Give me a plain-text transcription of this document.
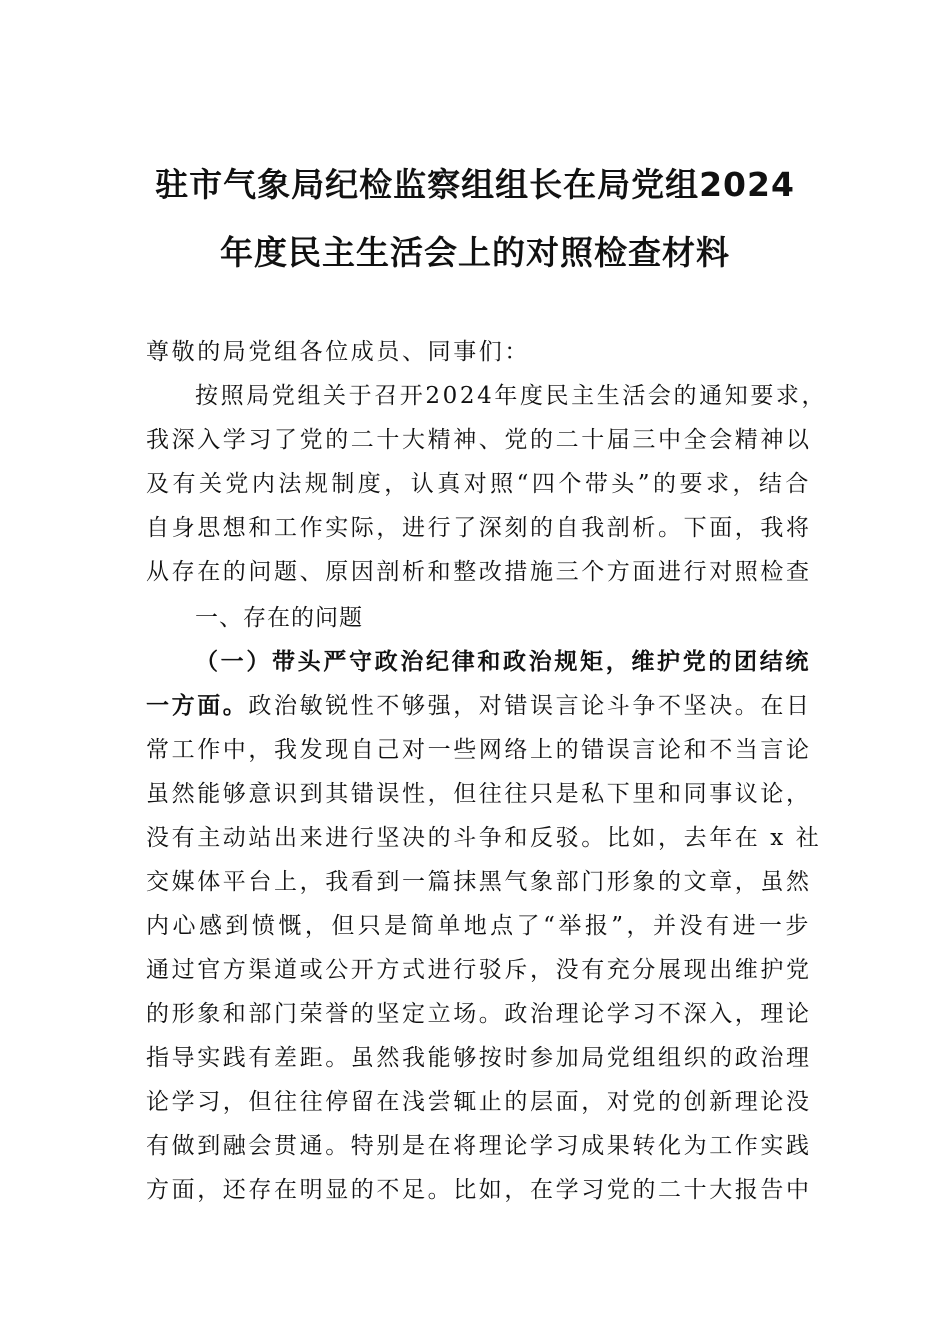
驻市气象局纪检监察组组长在局党组2024
年度民主生活会上的对照检查材料
尊敬的局党组各位成员、同事们：
按照局党组关于召开2024年度民主生活会的通知要求，
我深入学习了党的二十大精神、党的二十届三中全会精神以
及有关党内法规制度，认真对照“四个带头”的要求，结合
自身思想和工作实际，进行了深刻的自我剖析。下面，我将
从存在的问题、原因剖析和整改措施三个方面进行对照检查
一、存在的问题
（一）带头严守政治纪律和政治规矩，维护党的团结统
一方面。政治敏锐性不够强，对错误言论斗争不坚决。在日
常工作中，我发现自己对一些网络上的错误言论和不当言论
虽然能够意识到其错误性，但往往只是私下里和同事议论，
没有主动站出来进行坚决的斗争和反驳。比如，去年在 x 社
交媒体平台上，我看到一篇抹黑气象部门形象的文章，虽然
内心感到愤慨，但只是简单地点了“举报”，并没有进一步
通过官方渠道或公开方式进行驳斥，没有充分展现出维护党
的形象和部门荣誉的坚定立场。政治理论学习不深入，理论
指导实践有差距。虽然我能够按时参加局党组组织的政治理
论学习，但往往停留在浅尝辄止的层面，对党的创新理论没
有做到融会贯通。特别是在将理论学习成果转化为工作实践
方面，还存在明显的不足。比如，在学习党的二十大报告中
